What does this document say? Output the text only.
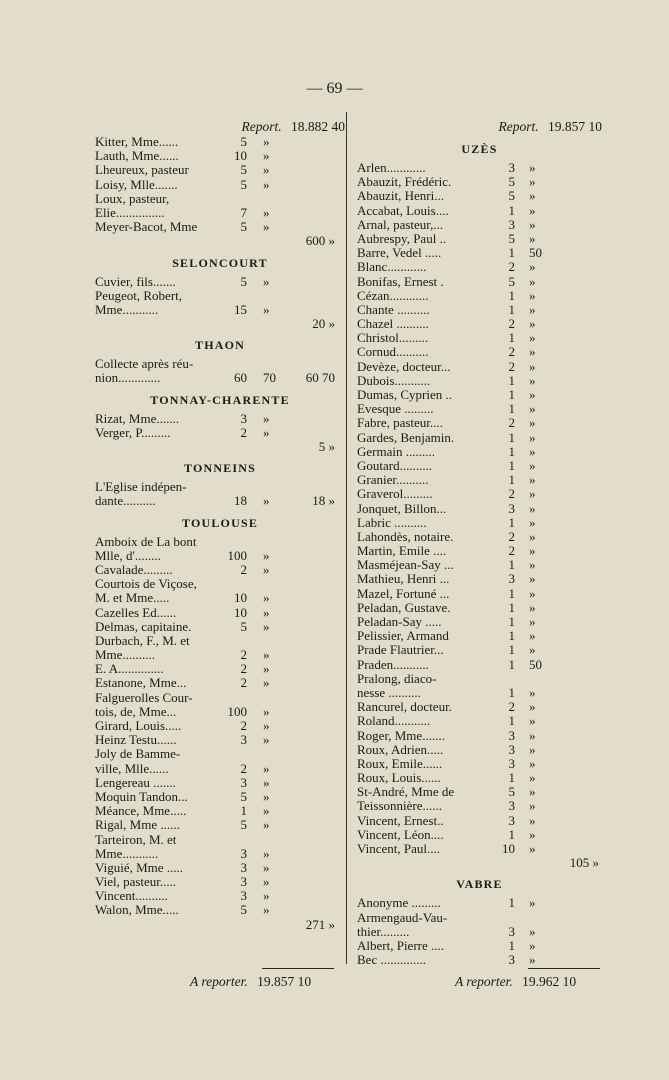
— 69 —
Report. 18.882 40
Kitter, Mme......	5 »
Lauth, Mme......	10 »
Lheureux, pasteur	5 »
Loisy, Mlle.......	5 »
Loux, pasteur,
Elie...............	7 »
Meyer-Bacot, Mme	5 »
600 »
SELONCOURT
Cuvier, fils.......	5 »
Peugeot, Robert,
Mme...........	15 »
20 »
THAON
Collecte après réu-
nion.............	60 70	60 70
TONNAY-CHARENTE
Rizat, Mme.......	3 »
Verger, P.........	2 »
5 »
TONNEINS
L'Eglise indépen-
dante..........	18 »	18 »
TOULOUSE
Amboix de La bont
Mlle, d'........	100 »
Cavalade.........	2 »
Courtois de Viçose,
M. et Mme.....	10 »
Cazelles Ed......	10 »
Delmas, capitaine.	5 »
Durbach, F., M. et
Mme..........	2 »
E. A..............	2 »
Estanone, Mme...	2 »
Falguerolles Cour-
tois, de, Mme...	100 »
Girard, Louis.....	2 »
Heinz Testu......	3 »
Joly de Bamme-
ville, Mlle......	2 »
Lengereau .......	3 »
Moquin Tandon...	5 »
Méance, Mme.....	1 »
Rigal, Mme ......	5 »
Tarteiron, M. et
Mme...........	3 »
Viguié, Mme .....	3 »
Viel, pasteur.....	3 »
Vincent..........	3 »
Walon, Mme.....	5 »
271 »
Report. 19.857 10
UZÈS
Arlen............	3 »
Abauzit, Frédéric.	5 »
Abauzit, Henri...	5 »
Accabat, Louis....	1 »
Arnal, pasteur,...	3 »
Aubrespy, Paul ..	5 »
Barre, Vedel .....	1 50
Blanc............	2 »
Bonifas, Ernest .	5 »
Cézan............	1 »
Chante ..........	1 »
Chazel ..........	2 »
Christol.........	1 »
Cornud..........	2 »
Devèze, docteur...	2 »
Dubois...........	1 »
Dumas, Cyprien ..	1 »
Evesque .........	1 »
Fabre, pasteur....	2 »
Gardes, Benjamin.	1 »
Germain .........	1 »
Goutard..........	1 »
Granier..........	1 »
Graverol.........	2 »
Jonquet, Billon...	3 »
Labric ..........	1 »
Lahondès, notaire.	2 »
Martin, Emile ....	2 »
Masméjean-Say ...	1 »
Mathieu, Henri ...	3 »
Mazel, Fortuné ...	1 »
Peladan, Gustave.	1 »
Peladan-Say .....	1 »
Pelissier, Armand	1 »
Prade Flautrier...	1 »
Praden...........	1 50
Pralong, diaco-
nesse ..........	1 »
Rancurel, docteur.	2 »
Roland...........	1 »
Roger, Mme.......	3 »
Roux, Adrien.....	3 »
Roux, Emile......	3 »
Roux, Louis......	1 »
St-André, Mme de	5 »
Teissonnière......	3 »
Vincent, Ernest..	3 »
Vincent, Léon....	1 »
Vincent, Paul....	10 »
105 »
VABRE
Anonyme .........	1 »
Armengaud-Vau-
thier.........	3 »
Albert, Pierre ....	1 »
Bec ..............	3 »
A reporter. 19.857 10	A reporter. 19.962 10
